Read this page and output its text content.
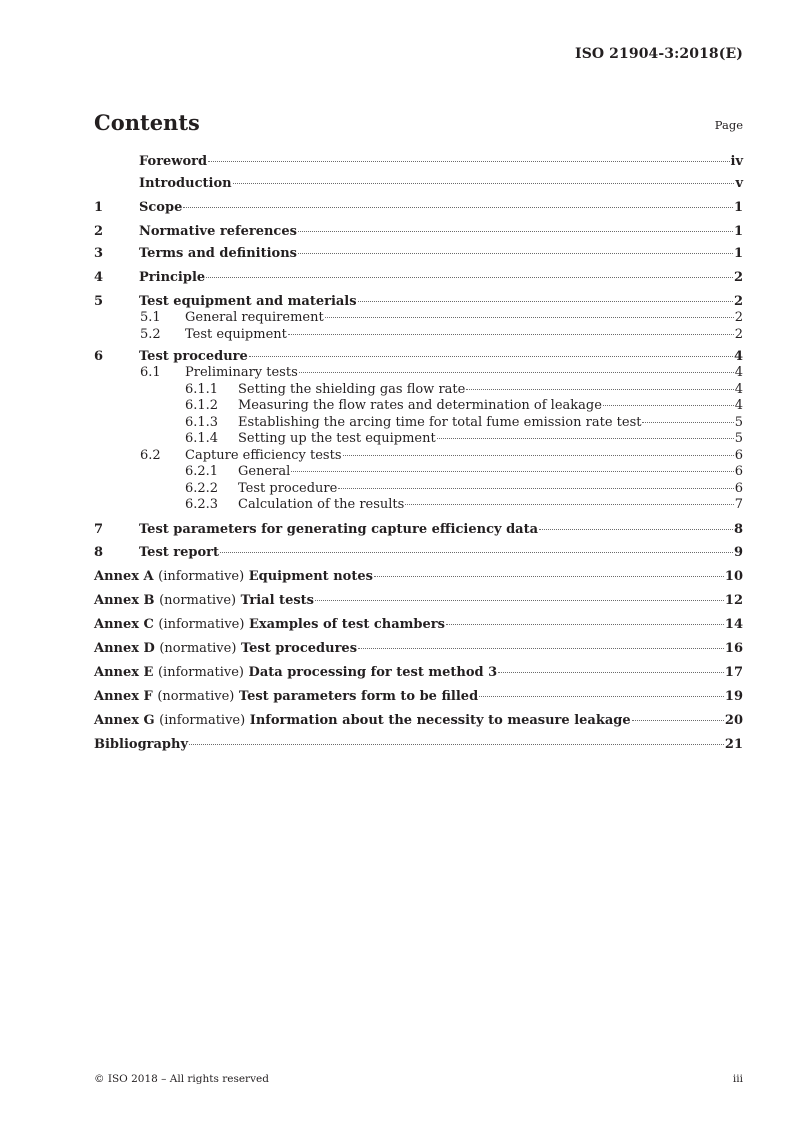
ISO 21904-3:2018(E)
Contents	Page
Foreword	iv
Introduction	v
1	Scope	1
2	Normative references	1
3	Terms and definitions	1
4	Principle	2
5	Test equipment and materials	2
5.1 General requirement	2
5.2 Test equipment	2
6	Test procedure	4
6.1 Preliminary tests	4
6.1.1 Setting the shielding gas flow rate	4
6.1.2 Measuring the flow rates and determination of leakage	4
6.1.3 Establishing the arcing time for total fume emission rate test	5
6.1.4 Setting up the test equipment	5
6.2 Capture efficiency tests	6
6.2.1 General	6
6.2.2 Test procedure	6
6.2.3 Calculation of the results	7
7	Test parameters for generating capture efficiency data	8
8	Test report	9
Annex A (informative) Equipment notes	10
Annex B (normative) Trial tests	12
Annex C (informative) Examples of test chambers	14
Annex D (normative) Test procedures	16
Annex E (informative) Data processing for test method 3	17
Annex F (normative) Test parameters form to be filled	19
Annex G (informative) Information about the necessity to measure leakage	20
Bibliography	21
© ISO 2018 – All rights reserved	iii
